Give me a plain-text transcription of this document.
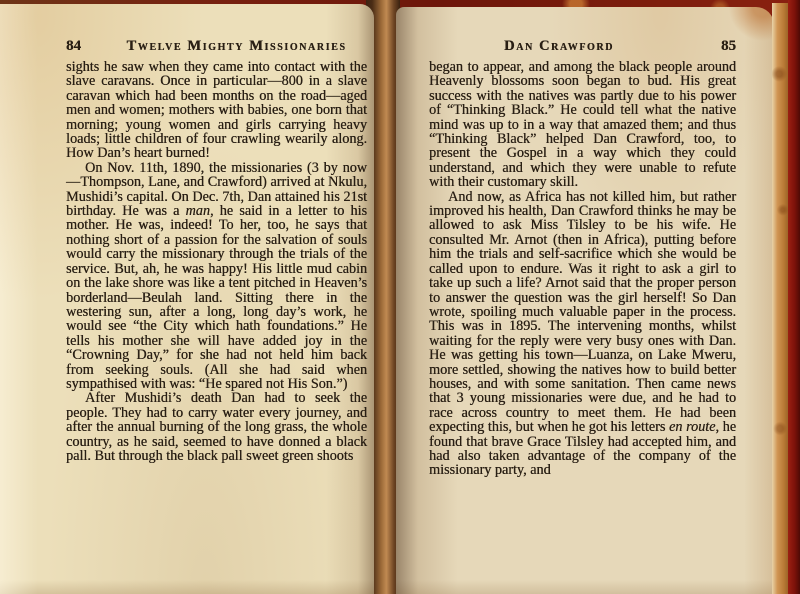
84	Twelve Mighty Missionaries

sights he saw when they came into contact with the slave caravans. Once in particular—800 in a slave caravan which had been months on the road—aged men and women; mothers with babies, one born that morning; young women and girls carrying heavy loads; little children of four crawling wearily along. How Dan’s heart burned!

On Nov. 11th, 1890, the missionaries (3 by now—Thompson, Lane, and Crawford) arrived at Nkulu, Mushidi’s capital. On Dec. 7th, Dan attained his 21st birthday. He was a man, he said in a letter to his mother. He was, indeed! To her, too, he says that nothing short of a passion for the salvation of souls would carry the missionary through the trials of the service. But, ah, he was happy! His little mud cabin on the lake shore was like a tent pitched in Heaven’s borderland—Beulah land. Sitting there in the westering sun, after a long, long day’s work, he would see “the City which hath foundations.” He tells his mother she will have added joy in the “Crowning Day,” for she had not held him back from seeking souls. (All she had said when sympathised with was: “He spared not His Son.”)

After Mushidi’s death Dan had to seek the people. They had to carry water every journey, and after the annual burning of the long grass, the whole country, as he said, seemed to have donned a black pall. But through the black pall sweet green shoots

Dan Crawford	85

began to appear, and among the black people around Heavenly blossoms soon began to bud. His great success with the natives was partly due to his power of “Thinking Black.” He could tell what the native mind was up to in a way that amazed them; and thus “Thinking Black” helped Dan Crawford, too, to present the Gospel in a way which they could understand, and which they were unable to refute with their customary skill.

And now, as Africa has not killed him, but rather improved his health, Dan Crawford thinks he may be allowed to ask Miss Tilsley to be his wife. He consulted Mr. Arnot (then in Africa), putting before him the trials and self-sacrifice which she would be called upon to endure. Was it right to ask a girl to take up such a life? Arnot said that the proper person to answer the question was the girl herself! So Dan wrote, spoiling much valuable paper in the process. This was in 1895. The intervening months, whilst waiting for the reply were very busy ones with Dan. He was getting his town—Luanza, on Lake Mweru, more settled, showing the natives how to build better houses, and with some sanitation. Then came news that 3 young missionaries were due, and he had to race across country to meet them. He had been expecting this, but when he got his letters en route, he found that brave Grace Tilsley had accepted him, and had also taken advantage of the company of the missionary party, and
